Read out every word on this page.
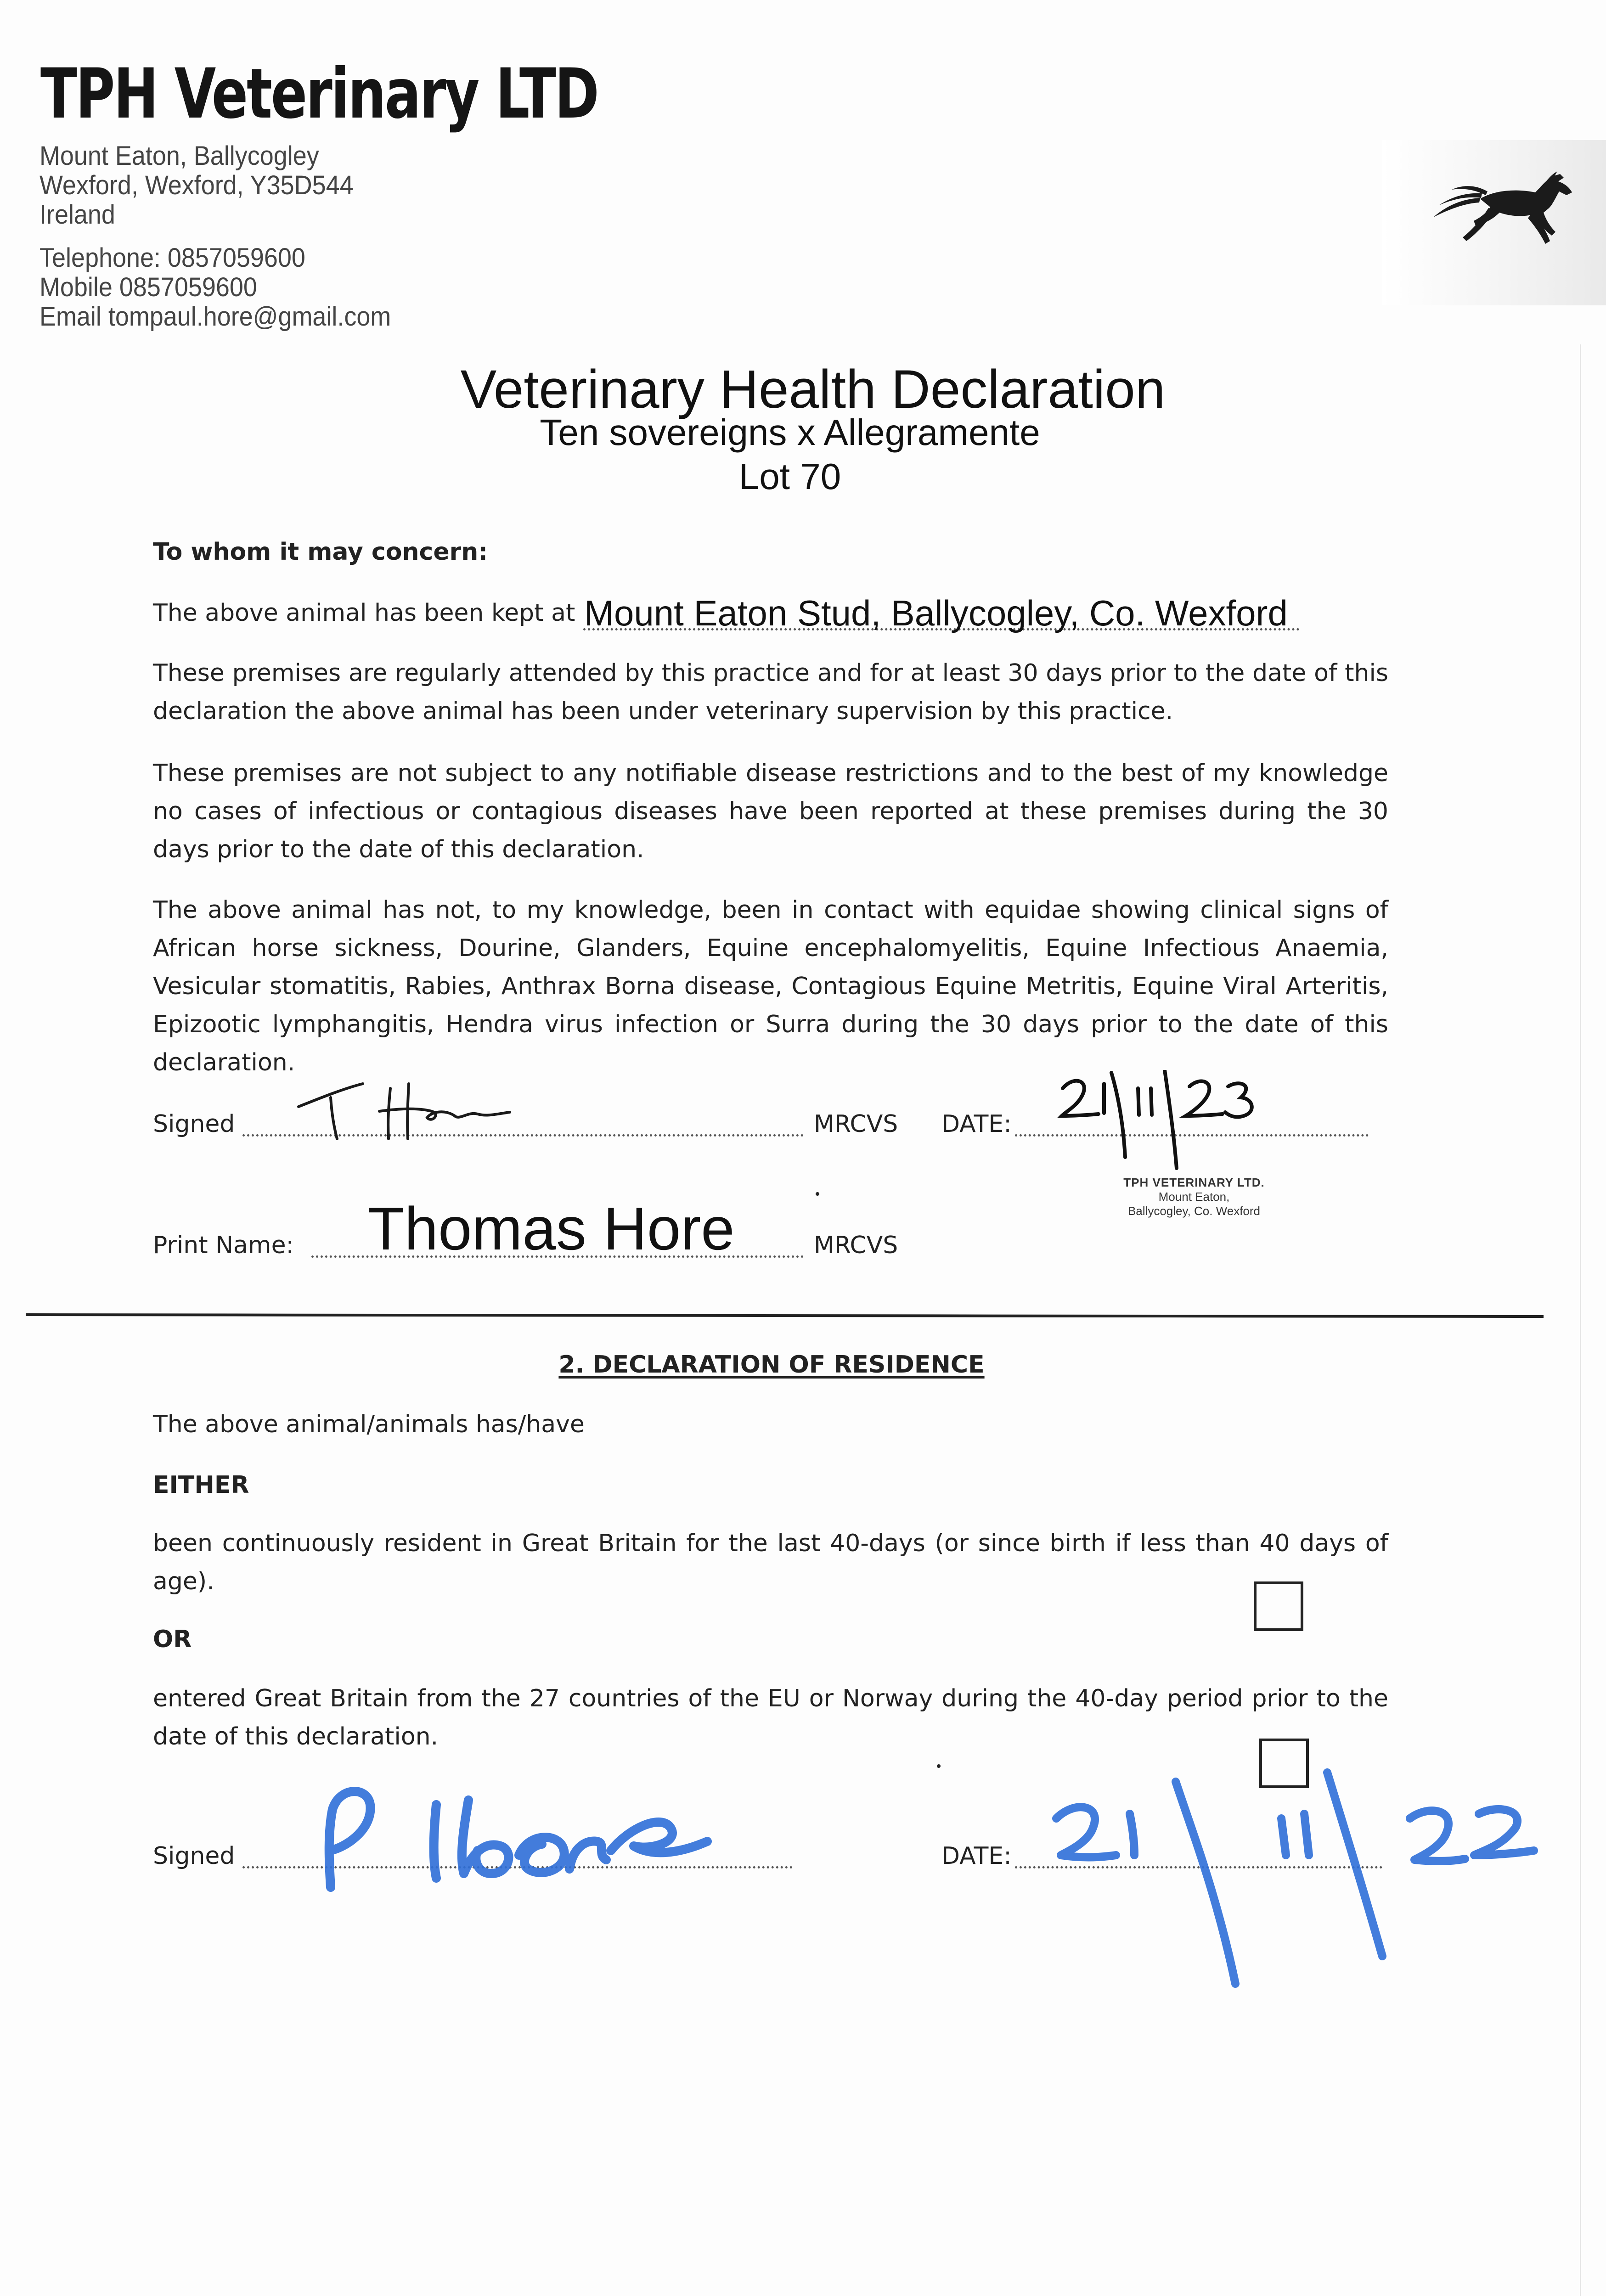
TPH Veterinary LTD
Mount Eaton, Ballycogley
Wexford, Wexford, Y35D544
Ireland
Telephone: 0857059600
Mobile 0857059600
Email tompaul.hore@gmail.com
Veterinary Health Declaration
Ten sovereigns x Allegramente
Lot 70
To whom it may concern:
The above animal has been kept at Mount Eaton Stud, Ballycogley, Co. Wexford
These premises are regularly attended by this practice and for at least 30 days prior to the date of this declaration the above animal has been under veterinary supervision by this practice.
These premises are not subject to any notifiable disease restrictions and to the best of my knowledge no cases of infectious or contagious diseases have been reported at these premises during the 30 days prior to the date of this declaration.
The above animal has not, to my knowledge, been in contact with equidae showing clinical signs of African horse sickness, Dourine, Glanders, Equine encephalomyelitis, Equine Infectious Anaemia, Vesicular stomatitis, Rabies, Anthrax Borna disease, Contagious Equine Metritis, Equine Viral Arteritis, Epizootic lymphangitis, Hendra virus infection or Surra during the 30 days prior to the date of this declaration.
Signed	MRCVS DATE:
TPH VETERINARY LTD.
Mount Eaton,
Ballycogley, Co. Wexford
Print Name: Thomas Hore	MRCVS
2. DECLARATION OF RESIDENCE
The above animal/animals has/have
EITHER
been continuously resident in Great Britain for the last 40-days (or since birth if less than 40 days of age).
OR
entered Great Britain from the 27 countries of the EU or Norway during the 40-day period prior to the date of this declaration.
Signed	DATE:
